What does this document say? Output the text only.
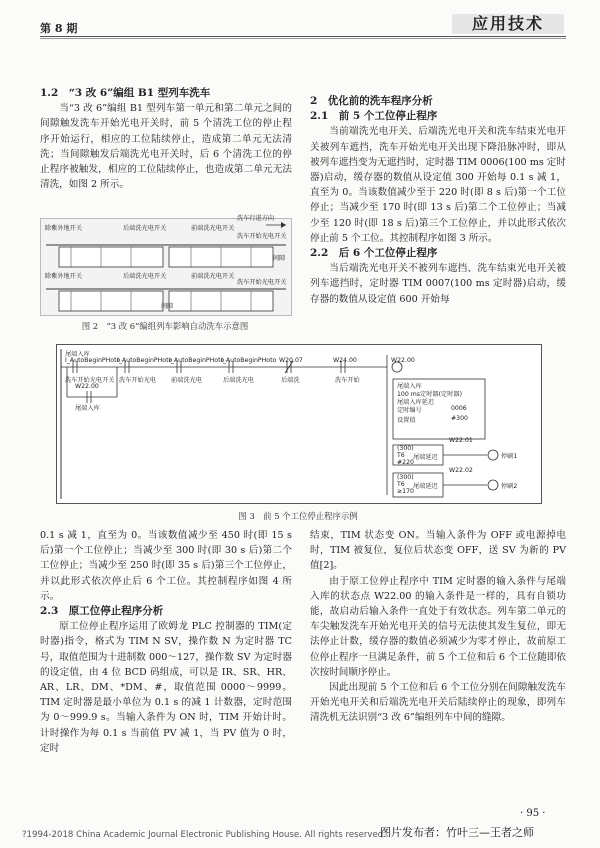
第 8 期	应用技术
1.2　“3 改 6”编组 B1 型列车洗车

当“3 改 6”编组 B1 型列车第一单元和第二单元之间的间隙触发洗车开始光电开关时，前 5 个清洗工位的停止程序开始运行，相应的工位陆续停止，造成第二单元无法清洗；当间隙触发后端洗光电开关时，后 6 个清洗工位的停止程序被触发，相应的工位陆续停止，也造成第二单元无法清洗，如图 2 所示。

除紫外地开关	后端洗光电开关	前端洗光电开关
洗车行进方向
洗车开始光电开关
除紫外地开关	后端洗光电开关	前端洗光电开关
洗车开始光电开关
间隙
间隙
图 2　“3 改 6”编组列车影响自动洗车示意图
2　优化前的洗车程序分析
2.1　前 5 个工位停止程序

当前端洗光电开关、后端洗光电开关和洗车结束光电开关被列车遮挡，洗车开始光电开关出现下降沿脉冲时，即从被列车遮挡变为无遮挡时，定时器 TIM 0006(100 ms 定时器)启动，缓存器的数值从设定值 300 开始每 0.1 s 减 1，直至为 0。当该数值减少至于 220 时(即 8 s 后)第一个工位停止；当减少至 170 时(即 13 s 后)第二个工位停止；当减少至 120 时(即 18 s 后)第三个工位停止，并以此形式依次停止前 5 个工位。其控制程序如图 3 所示。

2.2　后 6 个工位停止程序

当后端洗光电开关不被列车遮挡、洗车结束光电开关被列车遮挡时，定时器 TIM 0007(100 ms 定时器)启动，缓存器的数值从设定值 600 开始每

尾端入库
I_AutoBeginPHoto
I_AutoBeginPHoto
I_AutoBeginPHoto
I_AutoBeginPHoto W20.07	W24.00	W22.00
洗车开始光电开关 洗车开始光电 前端洗光电	后端洗光电	后端洗	洗车开始
W22.00
尾端入库
尾端入库
100 ms定时器(定时器)
尾端入库延迟
定时编号	0006
设置值	#300
W22.01
停刷1
(300)
T6 尾端延迟
#220
W22.02
停刷2
(300)
T6 尾端延迟
≥170
图 3　前 5 个工位停止程序示例

0.1 s 减 1，直至为 0。当该数值减少至 450 时(即 15 s 后)第一个工位停止；当减少至 300 时(即 30 s 后)第二个工位停止；当减少至 250 时(即 35 s 后)第三个工位停止，并以此形式依次停止后 6 个工位。其控制程序如图 4 所示。

2.3　原工位停止程序分析

原工位停止程序运用了欧姆龙 PLC 控制器的 TIM(定时器)指令，格式为 TIM N SV，操作数 N 为定时器 TC 号，取值范围为十进制数 000～127，操作数 SV 为定时器的设定值，由 4 位 BCD 码组成，可以是 IR、SR、HR、AR、LR、DM、*DM、#，取值范围 0000～9999。TIM 定时器是最小单位为 0.1 s 的减 1 计数器，定时范围为 0～999.9 s。当输入条件为 ON 时，TIM 开始计时。计时操作为每 0.1 s 当前值 PV 减 1，当 PV 值为 0 时，定时

结束，TIM 状态变 ON。当输入条件为 OFF 或电源掉电时，TIM 被复位，复位后状态变 OFF，送 SV 为新的 PV 值[2]。

由于原工位停止程序中 TIM 定时器的输入条件与尾端入库的状态点 W22.00 的输入条件是一样的，具有自锁功能，故启动后输入条件一直处于有效状态。列车第二单元的车尖触发洗车开始光电开关的信号无法使其发生复位，即无法停止计数，缓存器的数值必须减少为零才停止，故前原工位停止程序一旦满足条件，前 5 个工位和后 6 个工位随即依次按时间顺序停止。

因此出现前 5 个工位和后 6 个工位分别在间隙触发洗车开始光电开关和后端洗光电开关后陆续停止的现象，即列车清洗机无法识别“3 改 6”编组列车中间的缝隙。

· 95 ·
?1994-2018 China Academic Journal Electronic Publishing House. All rights reserved.
图片发布者：竹叶三—王者之师
